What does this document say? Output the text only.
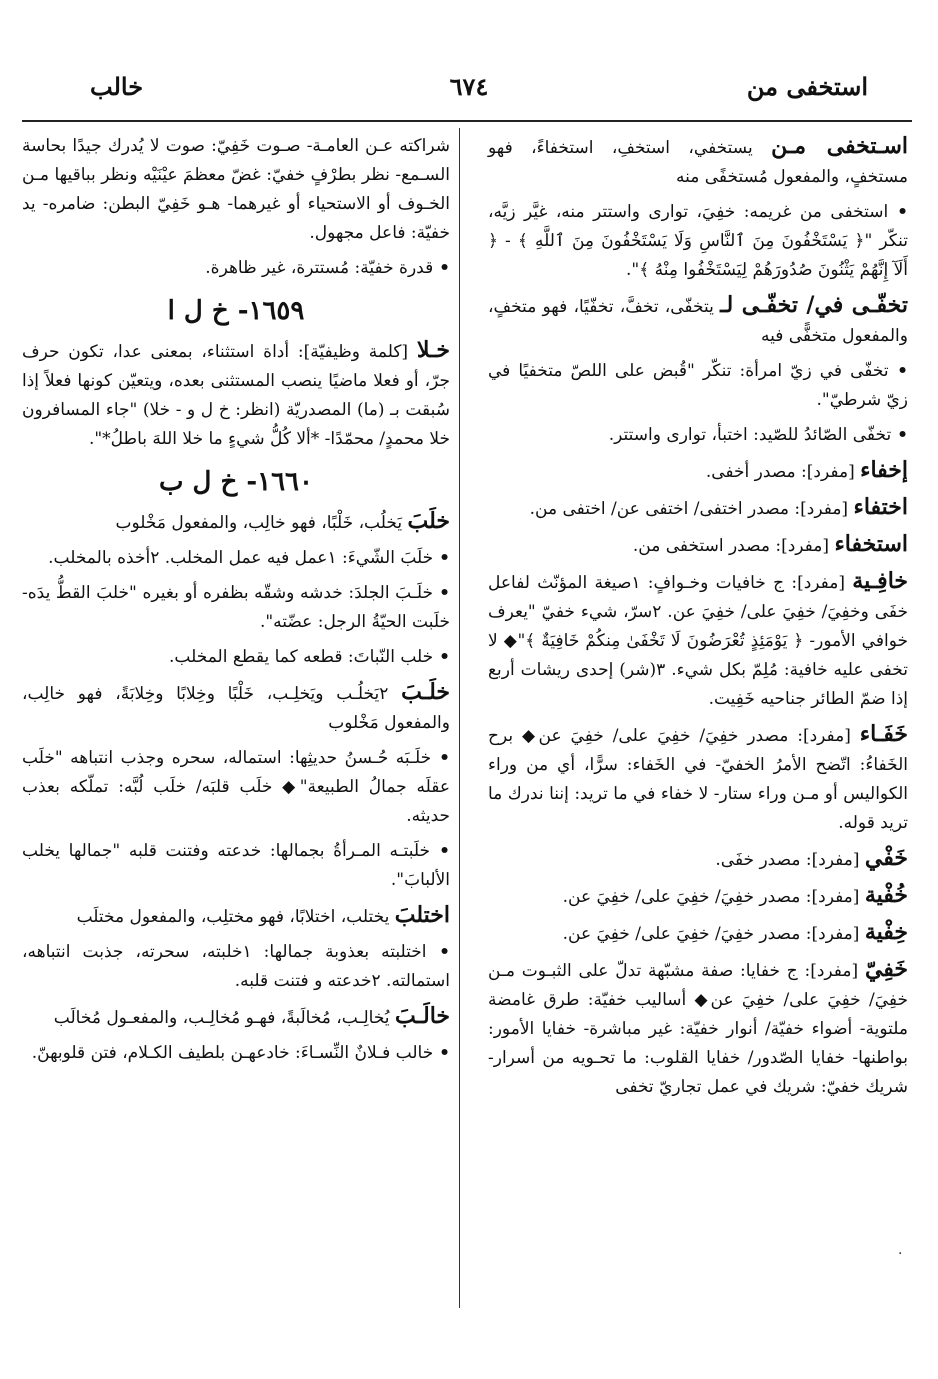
استخفى من
٦٧٤
خالب
اسـتخفى مـن يستخفي، استخفِ، استخفاءً، فهو مستخفٍ، والمفعول مُستخفًى منه
• استخفى من غريمه: خفِيَ، توارى واستتر منه، غيَّر زيَّه، تنكّر "﴿ يَسْتَخْفُونَ مِنَ ٱلنَّاسِ وَلَا يَسْتَخْفُونَ مِنَ ٱللَّهِ ﴾ - ﴿ أَلَآ إِنَّهُمْ يَثْنُونَ صُدُورَهُمْ لِيَسْتَخْفُوا مِنْهُ ﴾".
تخفّـى في/ تخفّـى لـ يتخفّى، تخفَّ، تخفّيًا، فهو متخفٍ، والمفعول متخفًّى فيه
• تخفّى في زيّ امرأة: تنكّر "قُبض على اللصّ متخفيًا في زيّ شرطيّ".
• تخفّى الصّائدُ للصّيد: اختبأ، توارى واستتر.
إخفاء [مفرد]: مصدر أخفى.
اختفاء [مفرد]: مصدر اختفى/ اختفى عن/ اختفى من.
استخفاء [مفرد]: مصدر استخفى من.
خافِـية [مفرد]: ج خافيات وخـوافٍ: ١صيغة المؤنّث لفاعل خفَى وخفِيَ/ خفِيَ على/ خفِيَ عن. ٢سرّ، شيء خفيّ "يعرف خوافي الأمور- ﴿ يَوْمَئِذٍ تُعْرَضُونَ لَا تَخْفَىٰ مِنكُمْ خَافِيَةٌ ﴾"◆ لا تخفى عليه خافية: مُلِمّ بكل شيء. ٣(شر) إحدى ريشات أربع إذا ضمّ الطائر جناحيه خَفِيت.
خَفَـاء [مفرد]: مصدر خفِيَ/ خفِيَ على/ خفِيَ عن◆ برح الخَفاءُ: اتّضح الأمرُ الخفيّ- في الخَفاء: سرًّا، أي من وراء الكواليس أو مـن وراء ستار- لا خفاء في ما تريد: إننا ندرك ما تريد قوله.
خَفْي [مفرد]: مصدر خفَى.
خُفْية [مفرد]: مصدر خفِيَ/ خفِيَ على/ خفِيَ عن.
خِفْية [مفرد]: مصدر خفِيَ/ خفِيَ على/ خفِيَ عن.
خَفِيّ [مفرد]: ج خفايا: صفة مشبّهة تدلّ على الثبـوت مـن خفِيَ/ خفِيَ على/ خفِيَ عن◆ أساليب خفيّة: طرق غامضة ملتوية- أضواء خفيّة/ أنوار خفيّة: غير مباشرة- خفايا الأمور: بواطنها- خفايا الصّدور/ خفايا القلوب: ما تحـويه من أسرار- شريك خفيّ: شريك في عمل تجاريّ تخفى
شراكته عـن العامـة- صـوت خَفِيّ: صوت لا يُدرك جيدًا بحاسة السـمع- نظر بطرْفٍ خفيّ: غضّ معظمَ عيْنَيْه ونظر بباقيها مـن الخـوف أو الاستحياء أو غيرهما- هـو خَفِيّ البطن: ضامره- يد خفيّة: فاعل مجهول.
• قدرة خفيّة: مُستترة، غير ظاهرة.
١٦٥٩- خ ل ا
خـلا [كلمة وظيفيّة]: أداة استثناء، بمعنى عدا، تكون حرف جرّ، أو فعلا ماضيًا ينصب المستثنى بعده، ويتعيّن كونها فعلاً إذا سُبقت بـ (ما) المصدريّة (انظر: خ ل و - خلا) "جاء المسافرون خلا محمدٍ/ محمّدًا- *ألا كُلُّ شيءٍ ما خلا اللهَ باطلُ*".
١٦٦٠- خ ل ب
خلَبَ يَخلُب، خَلْبًا، فهو خالِب، والمفعول مَخْلوب
• خلَبَ الشّيءَ: ١عمل فيه عمل المخلب. ٢أخذه بالمخلب.
• خلَـبَ الجلدَ: خدشه وشقّه بظفره أو بغيره "خلبَ القطُّ يدَه- خلَبت الحيّةُ الرجل: عضّته".
• خلب النّباتَ: قطعه كما يقطع المخلب.
خلَـبَ ٢يَخلُـب ويَخلِـب، خَلْبًا وخِلابًا وخِلابَةً، فهو خالِب، والمفعول مَخْلوب
• خلَـبَه حُـسنُ حديثِها: استماله، سحره وجذب انتباهه "خلَب عقلَه جمالُ الطبيعة"◆ خلَب قلبَه/ خلَب لُبَّه: تملّكه بعذب حديثه.
• خلَبتـه المـرأةُ بجمالها: خدعته وفتنت قلبه "جمالها يخلب الألبابَ".
اختلبَ يختلب، اختلابًا، فهو مختلِب، والمفعول مختلَب
• اختلبته بعذوبة جمالها: ١خلبته، سحرته، جذبت انتباهه، استمالته. ٢خدعته و فتنت قلبه.
خالَـبَ يُخالِـب، مُخالَبةً، فهـو مُخالِـب، والمفعـول مُخالَب
• خالب فـلانٌ النِّسـاءَ: خادعهـن بلطيف الكـلام، فتن قلوبهنّ.
·
